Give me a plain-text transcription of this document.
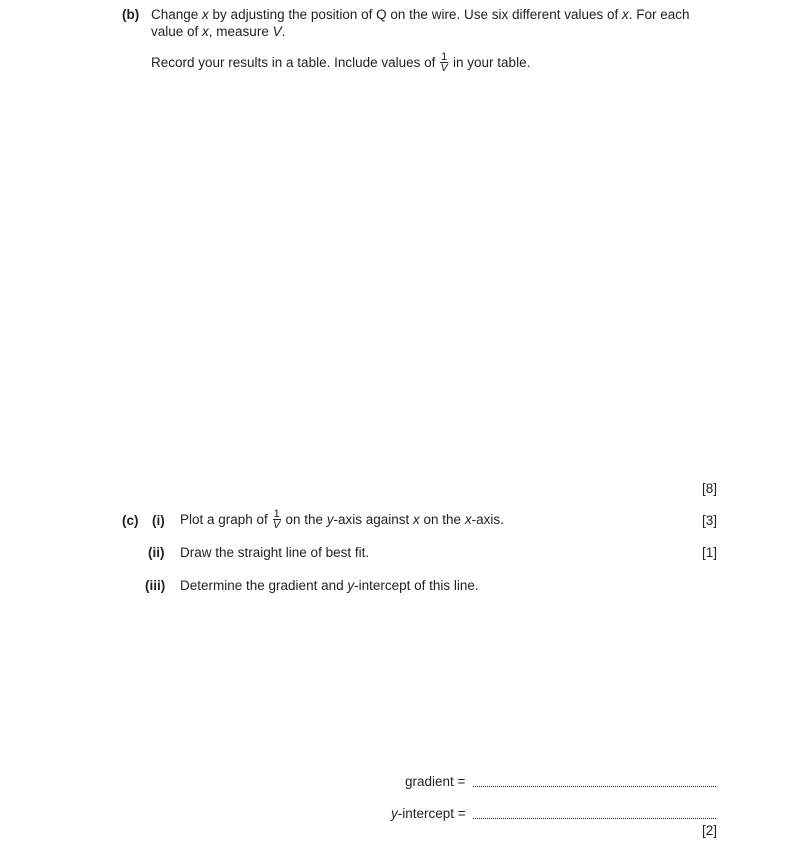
(b) Change x by adjusting the position of Q on the wire. Use six different values of x. For each
value of x, measure V.
Record your results in a table. Include values of $\frac{1}{V}$ in your table.
[8]
(c) (i) Plot a graph of $\frac{1}{V}$ on the y-axis against x on the x-axis.	[3]
(ii) Draw the straight line of best fit.	[1]
(iii) Determine the gradient and y-intercept of this line.
gradient =
y-intercept =
[2]
